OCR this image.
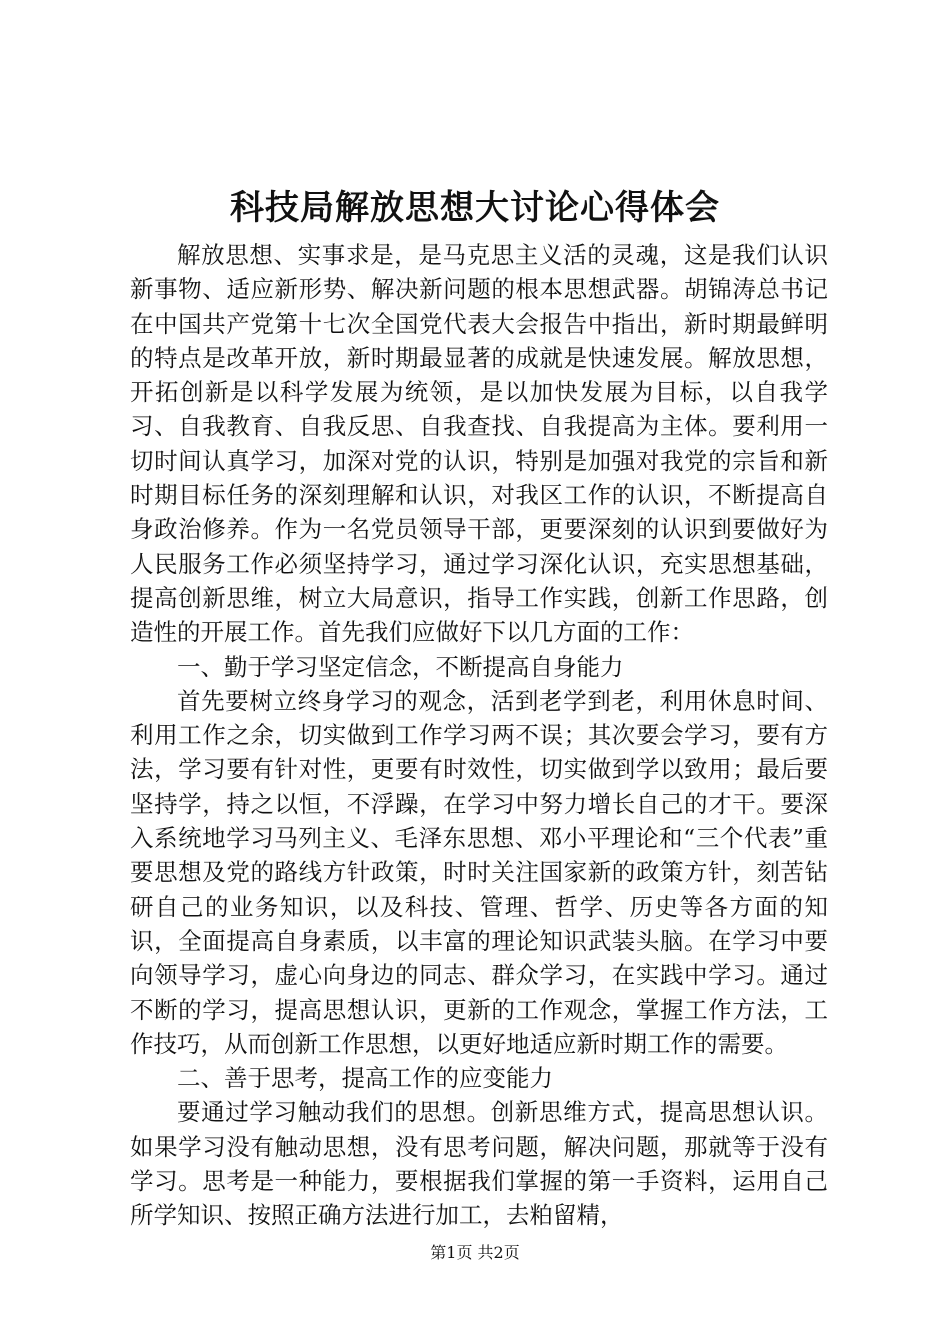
科技局解放思想大讨论心得体会

解放思想、实事求是，是马克思主义活的灵魂，这是我们认识新事物、适应新形势、解决新问题的根本思想武器。胡锦涛总书记在中国共产党第十七次全国党代表大会报告中指出，新时期最鲜明的特点是改革开放，新时期最显著的成就是快速发展。解放思想，开拓创新是以科学发展为统领，是以加快发展为目标，以自我学习、自我教育、自我反思、自我查找、自我提高为主体。要利用一切时间认真学习，加深对党的认识，特别是加强对我党的宗旨和新时期目标任务的深刻理解和认识，对我区工作的认识，不断提高自身政治修养。作为一名党员领导干部，更要深刻的认识到要做好为人民服务工作必须坚持学习，通过学习深化认识，充实思想基础，提高创新思维，树立大局意识，指导工作实践，创新工作思路，创造性的开展工作。首先我们应做好下以几方面的工作：

一、勤于学习坚定信念，不断提高自身能力

首先要树立终身学习的观念，活到老学到老，利用休息时间、利用工作之余，切实做到工作学习两不误；其次要会学习，要有方法，学习要有针对性，更要有时效性，切实做到学以致用；最后要坚持学，持之以恒，不浮躁，在学习中努力增长自己的才干。要深入系统地学习马列主义、毛泽东思想、邓小平理论和“三个代表”重要思想及党的路线方针政策，时时关注国家新的政策方针，刻苦钻研自己的业务知识，以及科技、管理、哲学、历史等各方面的知识，全面提高自身素质，以丰富的理论知识武装头脑。在学习中要向领导学习，虚心向身边的同志、群众学习，在实践中学习。通过不断的学习，提高思想认识，更新的工作观念，掌握工作方法，工作技巧，从而创新工作思想，以更好地适应新时期工作的需要。

二、善于思考，提高工作的应变能力

要通过学习触动我们的思想。创新思维方式，提高思想认识。如果学习没有触动思想，没有思考问题，解决问题，那就等于没有学习。思考是一种能力，要根据我们掌握的第一手资料，运用自己所学知识、按照正确方法进行加工，去粕留精，

第1页 共2页
